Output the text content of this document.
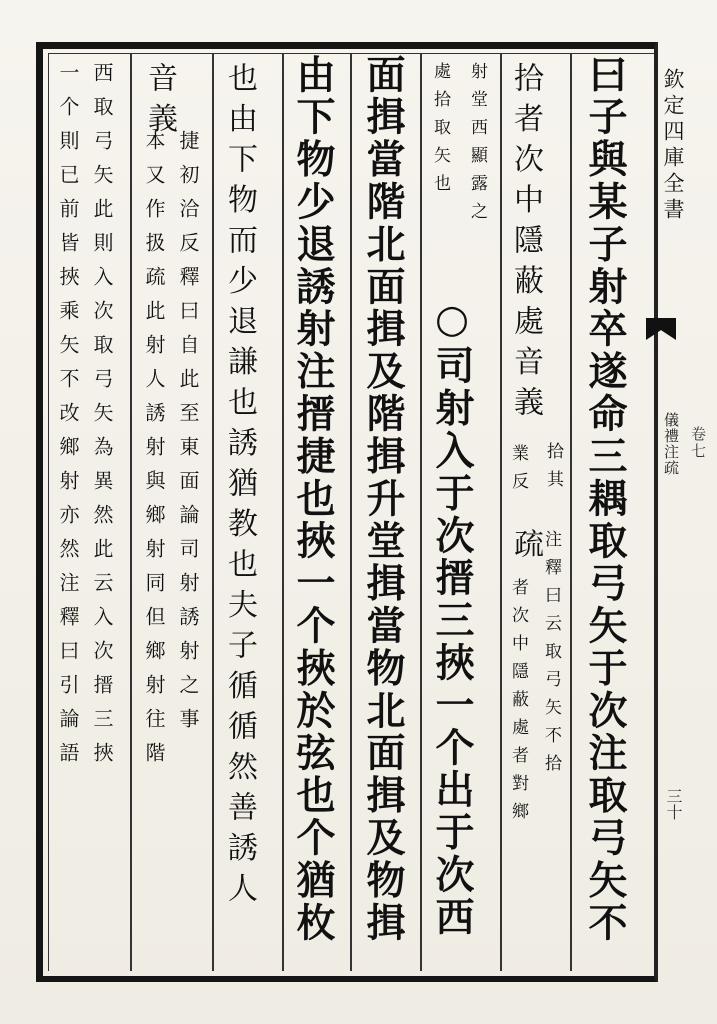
欽定四庫全書
儀禮注疏 卷七
三十
曰子與某子射卒遂命三耦取弓矢于次注取弓矢不
拾者次中隱蔽處音義
拾其
業反
疏
注釋曰云取弓矢不拾
者次中隱蔽處者對鄉
射堂西顯露之
處拾取矢也
○司射入于次搢三挾一个出于次西
面揖當階北面揖及階揖升堂揖當物北面揖及物揖
由下物少退誘射注搢捷也挾一个挾於弦也个猶枚
也由下物而少退謙也誘猶教也夫子循循然善誘人
音義
捷初洽反釋曰自此至東面論司射誘射之事
本又作扱疏此射人誘射與鄉射同但鄉射往階
西取弓矢此則入次取弓矢為異然此云入次搢三挾
一个則已前皆挾乘矢不改鄉射亦然注釋曰引論語
